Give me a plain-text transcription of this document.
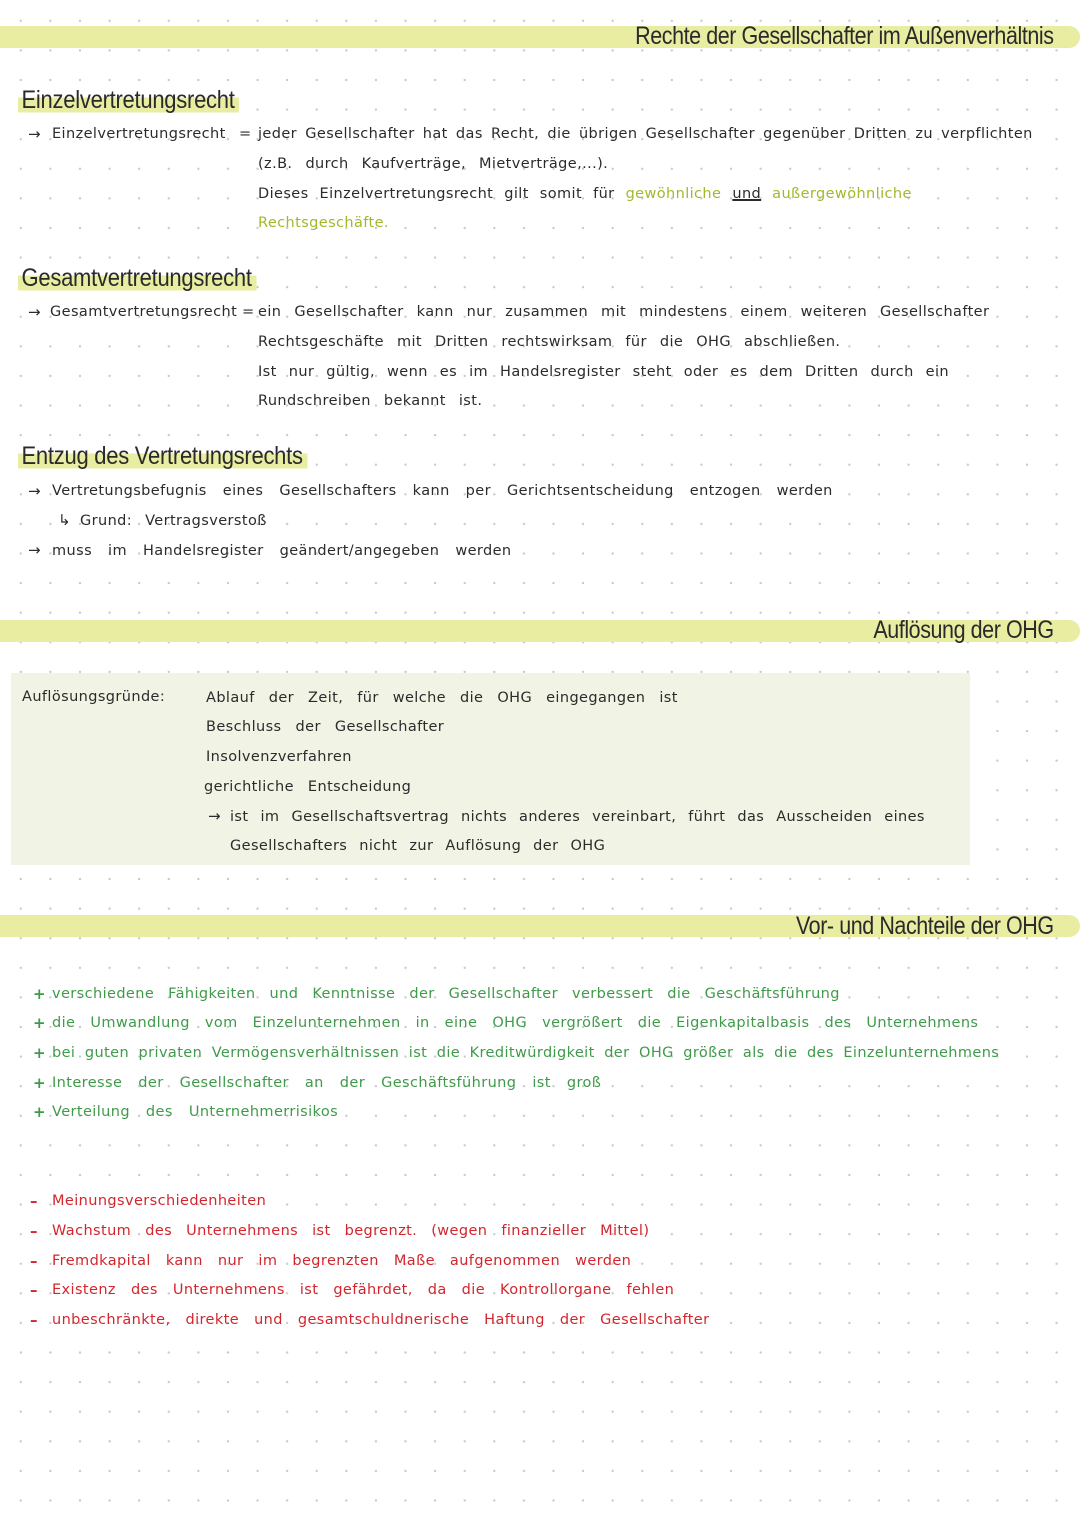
Rechte der Gesellschafter im Außenverhältnis
Einzelvertretungsrecht
→ Einzelvertretungsrecht = jeder Gesellschafter hat das Recht, die übrigen Gesellschafter gegenüber Dritten zu verpflichten
(z.B. durch Kaufverträge, Mietverträge,...).
Dieses Einzelvertretungsrecht gilt somit für gewöhnliche und außergewöhnliche
Rechtsgeschäfte.
Gesamtvertretungsrecht
→ Gesamtvertretungsrecht = ein Gesellschafter kann nur zusammen mit mindestens einem weiteren Gesellschafter
Rechtsgeschäfte mit Dritten rechtswirksam für die OHG abschließen.
Ist nur gültig, wenn es im Handelsregister steht oder es dem Dritten durch ein
Rundschreiben bekannt ist.
Entzug des Vertretungsrechts
→ Vertretungsbefugnis eines Gesellschafters kann per Gerichtsentscheidung entzogen werden
↳ Grund: Vertragsverstoß
→ muss im Handelsregister geändert/angegeben werden
Auflösung der OHG
Auflösungsgründe:	Ablauf der Zeit, für welche die OHG eingegangen ist
Beschluss der Gesellschafter
Insolvenzverfahren
gerichtliche Entscheidung
→ ist im Gesellschaftsvertrag nichts anderes vereinbart, führt das Ausscheiden eines
Gesellschafters nicht zur Auflösung der OHG
Vor- und Nachteile der OHG
+ verschiedene Fähigkeiten und Kenntnisse der Gesellschafter verbessert die Geschäftsführung
+ die Umwandlung vom Einzelunternehmen in eine OHG vergrößert die Eigenkapitalbasis des Unternehmens
+ bei guten privaten Vermögensverhältnissen ist die Kreditwürdigkeit der OHG größer als die des Einzelunternehmens
+ Interesse der Gesellschafter an der Geschäftsführung ist groß
+ Verteilung des Unternehmerrisikos
– Meinungsverschiedenheiten
– Wachstum des Unternehmens ist begrenzt. (wegen finanzieller Mittel)
– Fremdkapital kann nur im begrenzten Maße aufgenommen werden
– Existenz des Unternehmens ist gefährdet, da die Kontrollorgane fehlen
– unbeschränkte, direkte und gesamtschuldnerische Haftung der Gesellschafter
